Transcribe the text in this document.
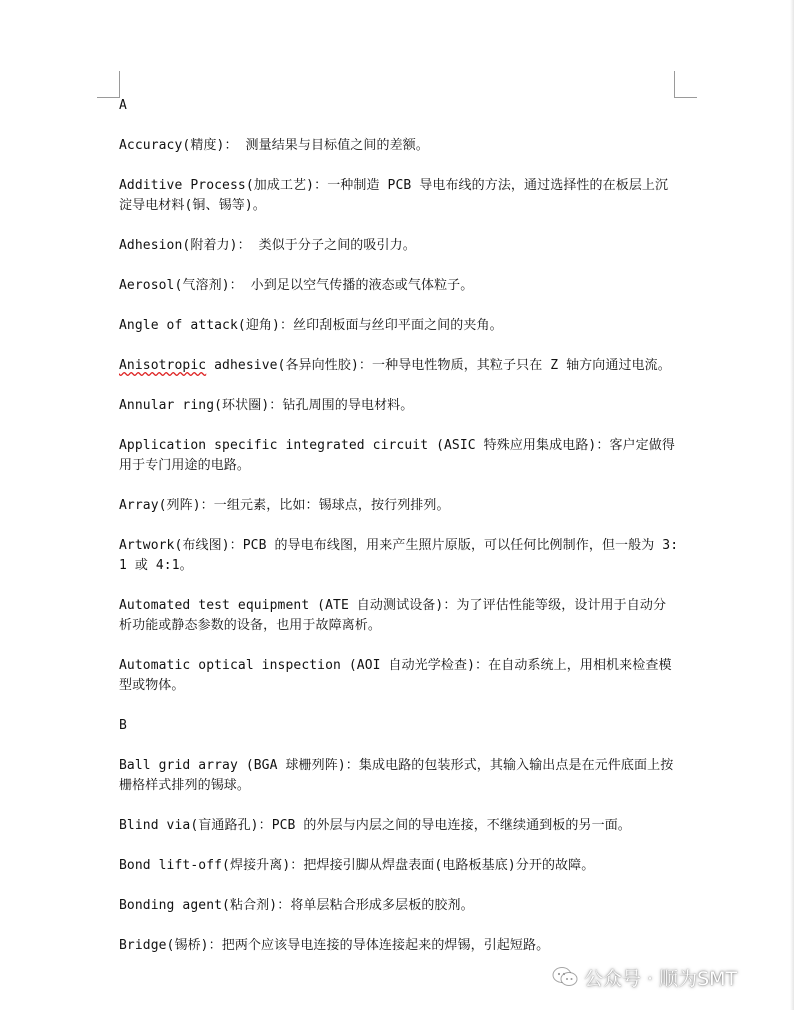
A
Accuracy(精度)： 测量结果与目标值之间的差额。
Additive Process(加成工艺)：一种制造 PCB 导电布线的方法，通过选择性的在板层上沉淀导电材料(铜、锡等)。
Adhesion(附着力)： 类似于分子之间的吸引力。
Aerosol(气溶剂)： 小到足以空气传播的液态或气体粒子。
Angle of attack(迎角)：丝印刮板面与丝印平面之间的夹角。
Anisotropic adhesive(各异向性胶)：一种导电性物质，其粒子只在 Z 轴方向通过电流。
Annular ring(环状圈)：钻孔周围的导电材料。
Application specific integrated circuit (ASIC 特殊应用集成电路)：客户定做得用于专门用途的电路。
Array(列阵)：一组元素，比如：锡球点，按行列排列。
Artwork(布线图)：PCB 的导电布线图，用来产生照片原版，可以任何比例制作，但一般为 3:1 或 4:1。
Automated test equipment (ATE 自动测试设备)：为了评估性能等级，设计用于自动分析功能或静态参数的设备，也用于故障离析。
Automatic optical inspection (AOI 自动光学检查)：在自动系统上，用相机来检查模型或物体。
B
Ball grid array (BGA 球栅列阵)：集成电路的包装形式，其输入输出点是在元件底面上按栅格样式排列的锡球。
Blind via(盲通路孔)：PCB 的外层与内层之间的导电连接，不继续通到板的另一面。
Bond lift-off(焊接升离)：把焊接引脚从焊盘表面(电路板基底)分开的故障。
Bonding agent(粘合剂)：将单层粘合形成多层板的胶剂。
Bridge(锡桥)：把两个应该导电连接的导体连接起来的焊锡，引起短路。
公众号 · 顺为SMT
